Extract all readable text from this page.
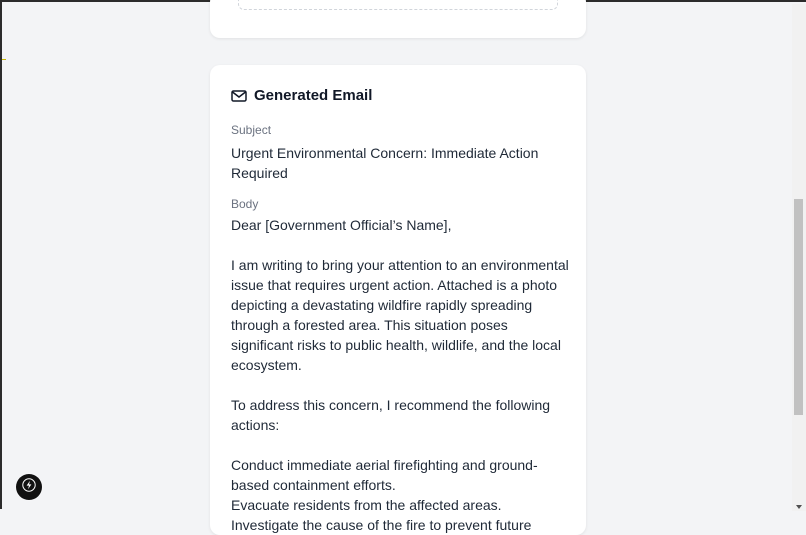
Generated Email
Subject
Urgent Environmental Concern: Immediate Action Required
Body

Dear [Government Official’s Name],

I am writing to bring your attention to an environmental issue that requires urgent action. Attached is a photo depicting a devastating wildfire rapidly spreading through a forested area. This situation poses significant risks to public health, wildlife, and the local ecosystem.

To address this concern, I recommend the following actions:

Conduct immediate aerial firefighting and ground-based containment efforts.
Evacuate residents from the affected areas.
Investigate the cause of the fire to prevent future
